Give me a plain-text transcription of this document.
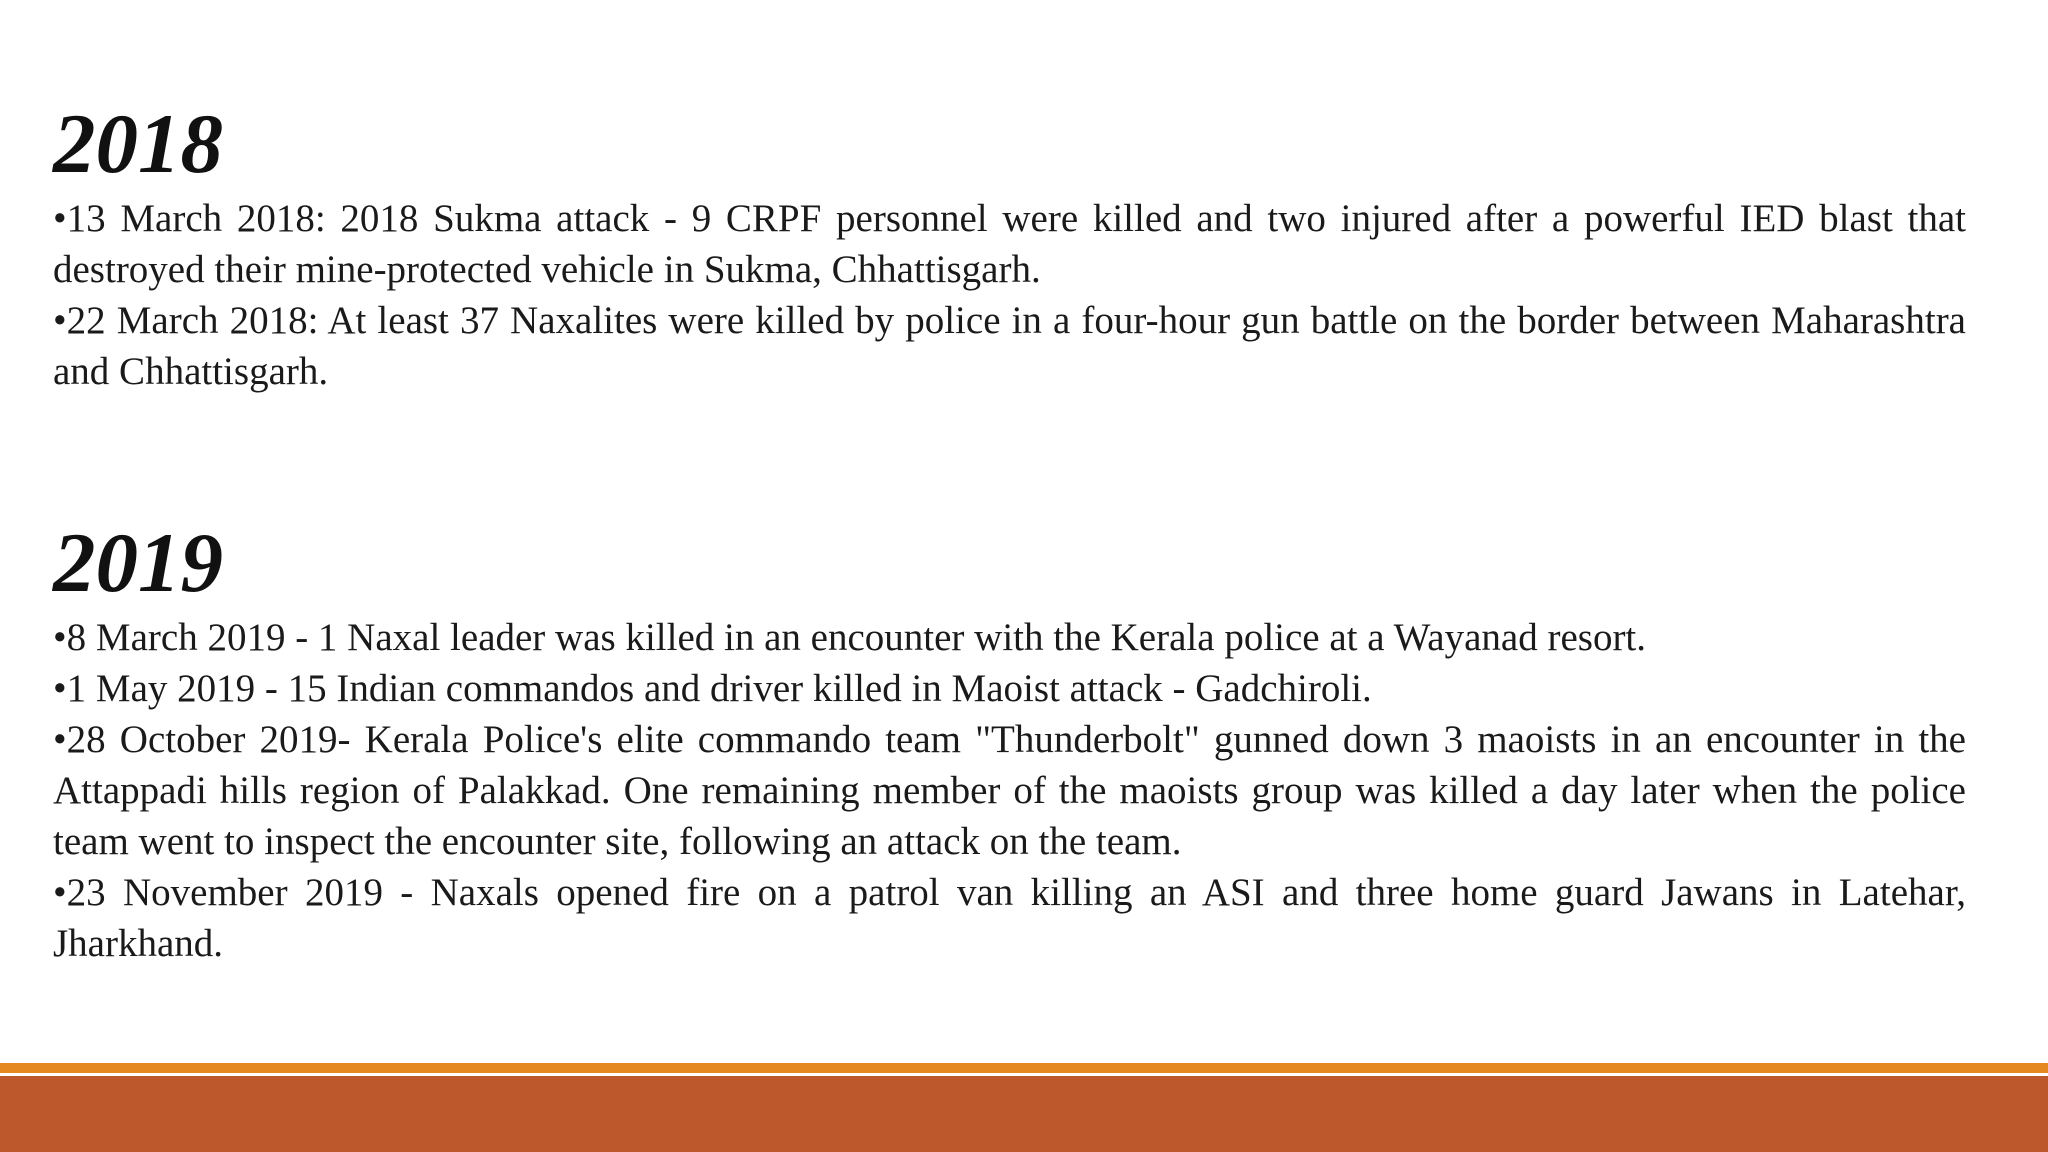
2018
•13 March 2018: 2018 Sukma attack - 9 CRPF personnel were killed and two injured after a powerful IED blast that destroyed their mine-protected vehicle in Sukma, Chhattisgarh.
•22 March 2018: At least 37 Naxalites were killed by police in a four-hour gun battle on the border between Maharashtra and Chhattisgarh.
2019
•8 March 2019 - 1 Naxal leader was killed in an encounter with the Kerala police at a Wayanad resort.
•1 May 2019 - 15 Indian commandos and driver killed in Maoist attack - Gadchiroli.
•28 October 2019- Kerala Police's elite commando team "Thunderbolt" gunned down 3 maoists in an encounter in the Attappadi hills region of Palakkad. One remaining member of the maoists group was killed a day later when the police team went to inspect the encounter site, following an attack on the team.
•23 November 2019 - Naxals opened fire on a patrol van killing an ASI and three home guard Jawans in Latehar, Jharkhand.
